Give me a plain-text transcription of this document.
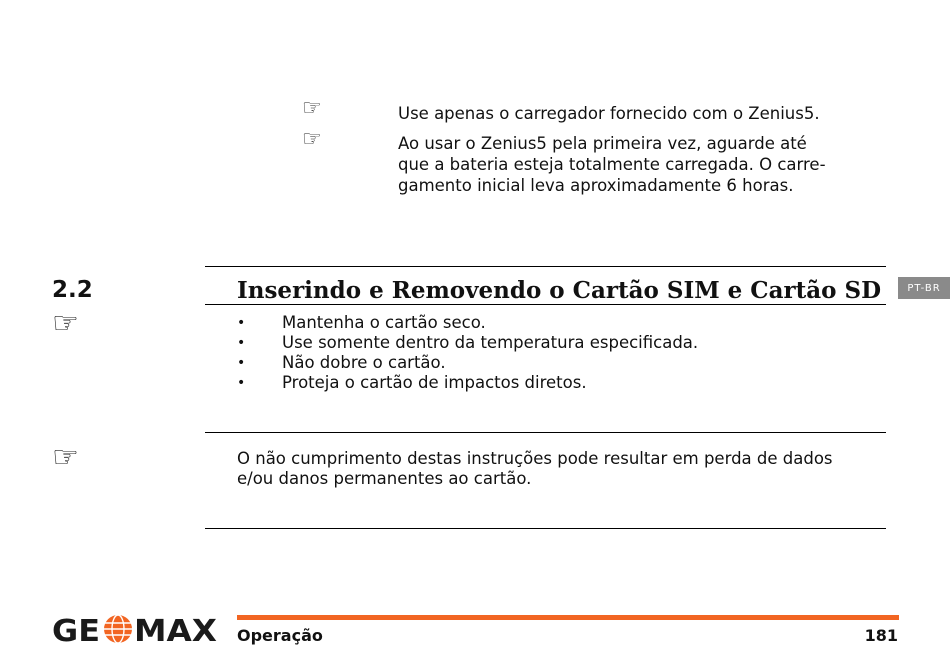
☞	Use apenas o carregador fornecido com o Zenius5.
☞	Ao usar o Zenius5 pela primeira vez, aguarde até
que a bateria esteja totalmente carregada. O carre-
gamento inicial leva aproximadamente 6 horas.
2.2	Inserindo e Removendo o Cartão SIM e Cartão SD	PT-BR
☞	• Mantenha o cartão seco.
• Use somente dentro da temperatura especificada.
• Não dobre o cartão.
• Proteja o cartão de impactos diretos.
☞	O não cumprimento destas instruções pode resultar em perda de dados
e/ou danos permanentes ao cartão.
GE MAX Operação	181
